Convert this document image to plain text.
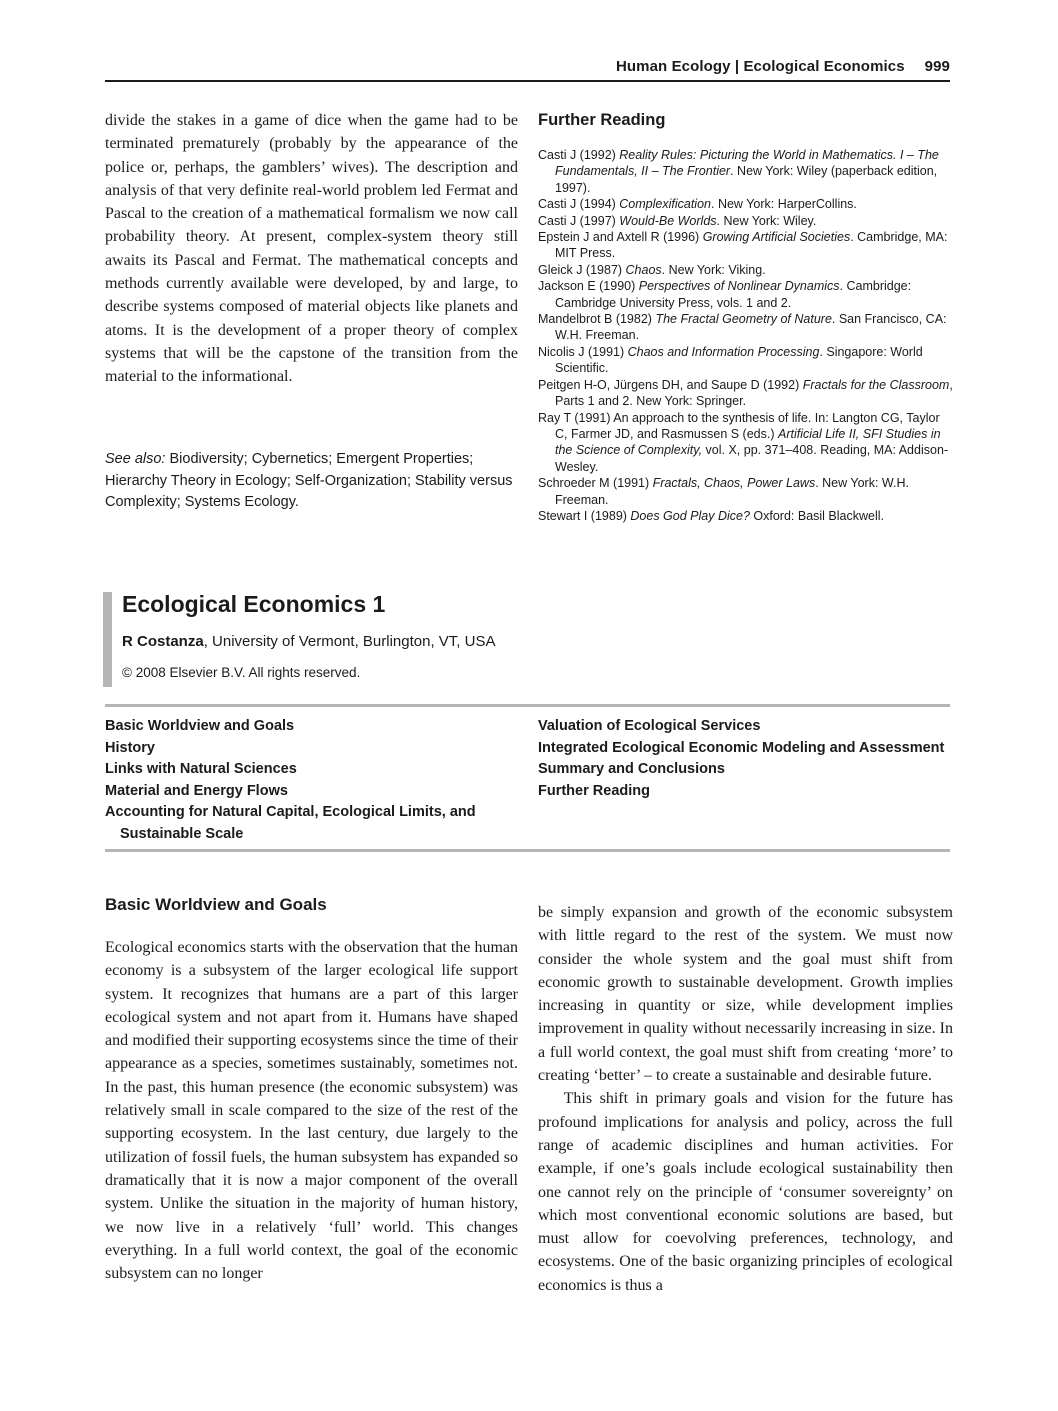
Human Ecology | Ecological Economics 999
divide the stakes in a game of dice when the game had to be terminated prematurely (probably by the appearance of the police or, perhaps, the gamblers’ wives). The description and analysis of that very definite real-world problem led Fermat and Pascal to the creation of a mathematical formalism we now call probability theory. At present, complex-system theory still awaits its Pascal and Fermat. The mathematical concepts and methods currently available were developed, by and large, to describe systems composed of material objects like planets and atoms. It is the development of a proper theory of complex systems that will be the capstone of the transition from the material to the informational.
See also: Biodiversity; Cybernetics; Emergent Properties; Hierarchy Theory in Ecology; Self-Organization; Stability versus Complexity; Systems Ecology.
Further Reading
Casti J (1992) Reality Rules: Picturing the World in Mathematics. I – The Fundamentals, II – The Frontier. New York: Wiley (paperback edition, 1997).
Casti J (1994) Complexification. New York: HarperCollins.
Casti J (1997) Would-Be Worlds. New York: Wiley.
Epstein J and Axtell R (1996) Growing Artificial Societies. Cambridge, MA: MIT Press.
Gleick J (1987) Chaos. New York: Viking.
Jackson E (1990) Perspectives of Nonlinear Dynamics. Cambridge: Cambridge University Press, vols. 1 and 2.
Mandelbrot B (1982) The Fractal Geometry of Nature. San Francisco, CA: W.H. Freeman.
Nicolis J (1991) Chaos and Information Processing. Singapore: World Scientific.
Peitgen H-O, Jürgens DH, and Saupe D (1992) Fractals for the Classroom, Parts 1 and 2. New York: Springer.
Ray T (1991) An approach to the synthesis of life. In: Langton CG, Taylor C, Farmer JD, and Rasmussen S (eds.) Artificial Life II, SFI Studies in the Science of Complexity, vol. X, pp. 371–408. Reading, MA: Addison-Wesley.
Schroeder M (1991) Fractals, Chaos, Power Laws. New York: W.H. Freeman.
Stewart I (1989) Does God Play Dice? Oxford: Basil Blackwell.
Ecological Economics 1
R Costanza, University of Vermont, Burlington, VT, USA
© 2008 Elsevier B.V. All rights reserved.
Basic Worldview and Goals
History
Links with Natural Sciences
Material and Energy Flows
Accounting for Natural Capital, Ecological Limits, and Sustainable Scale
Valuation of Ecological Services
Integrated Ecological Economic Modeling and Assessment
Summary and Conclusions
Further Reading
Basic Worldview and Goals

Ecological economics starts with the observation that the human economy is a subsystem of the larger ecological life support system. It recognizes that humans are a part of this larger ecological system and not apart from it. Humans have shaped and modified their supporting ecosystems since the time of their appearance as a species, sometimes sustainably, sometimes not. In the past, this human presence (the economic subsystem) was relatively small in scale compared to the size of the rest of the supporting ecosystem. In the last century, due largely to the utilization of fossil fuels, the human subsystem has expanded so dramatically that it is now a major component of the overall system. Unlike the situation in the majority of human history, we now live in a relatively ‘full’ world. This changes everything. In a full world context, the goal of the economic subsystem can no longer

be simply expansion and growth of the economic subsystem with little regard to the rest of the system. We must now consider the whole system and the goal must shift from economic growth to sustainable development. Growth implies increasing in quantity or size, while development implies improvement in quality without necessarily increasing in size. In a full world context, the goal must shift from creating ‘more’ to creating ‘better’ – to create a sustainable and desirable future.

This shift in primary goals and vision for the future has profound implications for analysis and policy, across the full range of academic disciplines and human activities. For example, if one’s goals include ecological sustainability then one cannot rely on the principle of ‘consumer sovereignty’ on which most conventional economic solutions are based, but must allow for coevolving preferences, technology, and ecosystems. One of the basic organizing principles of ecological economics is thus a
